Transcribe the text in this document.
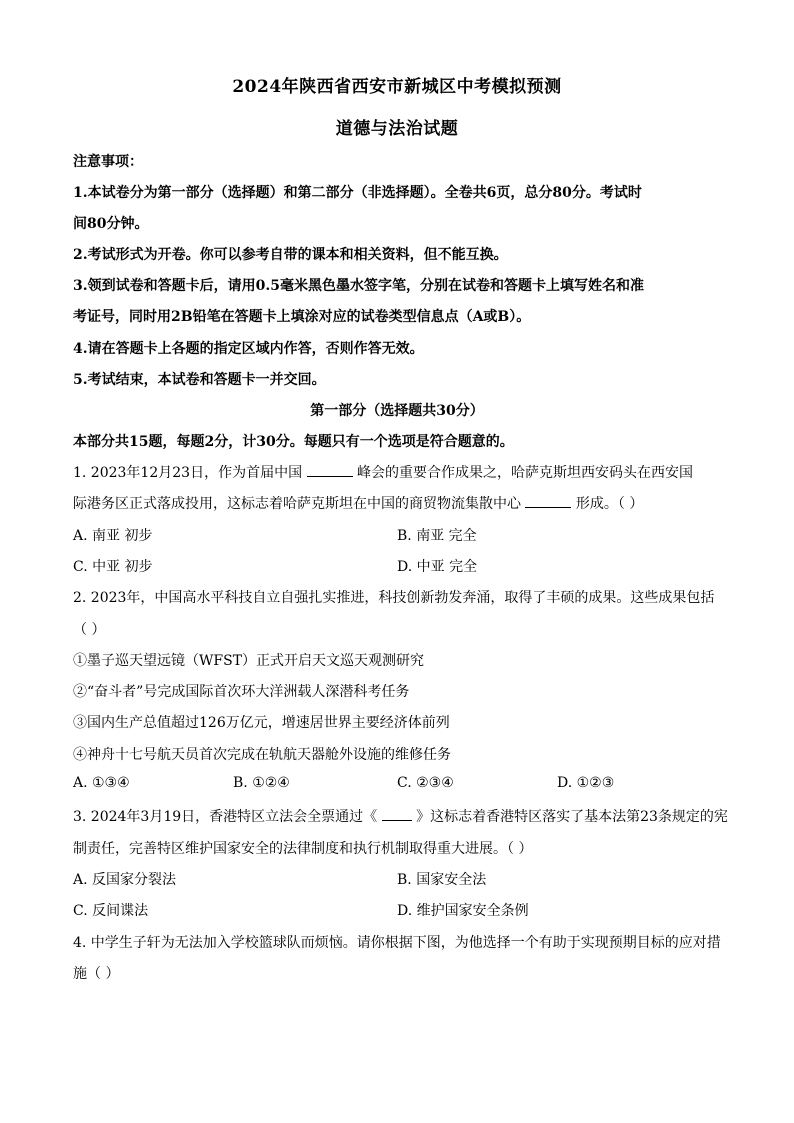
2024年陕西省西安市新城区中考模拟预测
道德与法治试题
注意事项：
1.本试卷分为第一部分（选择题）和第二部分（非选择题）。全卷共6页，总分80分。考试时
间80分钟。
2.考试形式为开卷。你可以参考自带的课本和相关资料，但不能互换。
3.领到试卷和答题卡后，请用0.5毫米黑色墨水签字笔，分别在试卷和答题卡上填写姓名和准
考证号，同时用2B铅笔在答题卡上填涂对应的试卷类型信息点（A或B）。
4.请在答题卡上各题的指定区域内作答，否则作答无效。
5.考试结束，本试卷和答题卡一并交回。
第一部分（选择题共30分）
本部分共15题，每题2分，计30分。每题只有一个选项是符合题意的。
1. 2023年12月23日，作为首届中国	峰会的重要合作成果之，哈萨克斯坦西安码头在西安国
际港务区正式落成投用，这标志着哈萨克斯坦在中国的商贸物流集散中心	形成。（ ）
A. 南亚 初步	B. 南亚 完全
C. 中亚 初步	D. 中亚 完全
2. 2023年，中国高水平科技自立自强扎实推进，科技创新勃发奔涌，取得了丰硕的成果。这些成果包括
（ ）
①墨子巡天望远镜（WFST）正式开启天文巡天观测研究
②“奋斗者”号完成国际首次环大洋洲载人深潜科考任务
③国内生产总值超过126万亿元，增速居世界主要经济体前列
④神舟十七号航天员首次完成在轨航天器舱外设施的维修任务
A. ①③④	B. ①②④	C. ②③④	D. ①②③
3. 2024年3月19日，香港特区立法会全票通过《	》这标志着香港特区落实了基本法第23条规定的宪
制责任，完善特区维护国家安全的法律制度和执行机制取得重大进展。（ ）
A. 反国家分裂法	B. 国家安全法
C. 反间谍法	D. 维护国家安全条例
4. 中学生子轩为无法加入学校篮球队而烦恼。请你根据下图，为他选择一个有助于实现预期目标的应对措
施（ ）
